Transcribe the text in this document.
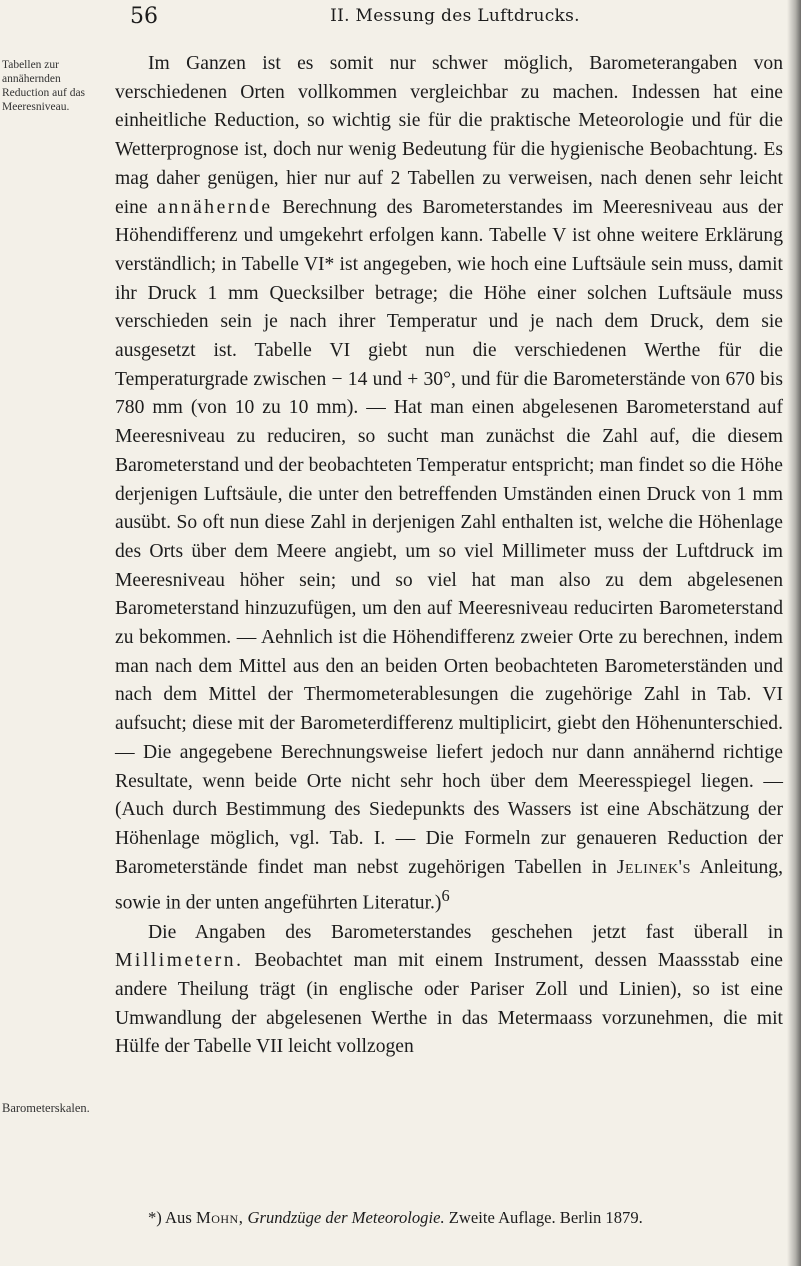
56	II. Messung des Luftdrucks.
Tabellen zur annähernden Reduction auf das Meeresniveau.
Barometerskalen.

Im Ganzen ist es somit nur schwer möglich, Barometerangaben von verschiedenen Orten vollkommen vergleichbar zu machen. Indessen hat eine einheitliche Reduction, so wichtig sie für die praktische Meteorologie und für die Wetterprognose ist, doch nur wenig Bedeutung für die hygienische Beobachtung. Es mag daher genügen, hier nur auf 2 Tabellen zu verweisen, nach denen sehr leicht eine annähernde Berechnung des Barometerstandes im Meeresniveau aus der Höhendifferenz und umgekehrt erfolgen kann. Tabelle V ist ohne weitere Erklärung verständlich; in Tabelle VI* ist angegeben, wie hoch eine Luftsäule sein muss, damit ihr Druck 1 mm Quecksilber betrage; die Höhe einer solchen Luftsäule muss verschieden sein je nach ihrer Temperatur und je nach dem Druck, dem sie ausgesetzt ist. Tabelle VI giebt nun die verschiedenen Werthe für die Temperaturgrade zwischen − 14 und + 30°, und für die Barometerstände von 670 bis 780 mm (von 10 zu 10 mm). — Hat man einen abgelesenen Barometerstand auf Meeresniveau zu reduciren, so sucht man zunächst die Zahl auf, die diesem Barometerstand und der beobachteten Temperatur entspricht; man findet so die Höhe derjenigen Luftsäule, die unter den betreffenden Umständen einen Druck von 1 mm ausübt. So oft nun diese Zahl in derjenigen Zahl enthalten ist, welche die Höhenlage des Orts über dem Meere angiebt, um so viel Millimeter muss der Luftdruck im Meeresniveau höher sein; und so viel hat man also zu dem abgelesenen Barometerstand hinzuzufügen, um den auf Meeresniveau reducirten Barometerstand zu bekommen. — Aehnlich ist die Höhendifferenz zweier Orte zu berechnen, indem man nach dem Mittel aus den an beiden Orten beobachteten Barometerständen und nach dem Mittel der Thermometerablesungen die zugehörige Zahl in Tab. VI aufsucht; diese mit der Barometerdifferenz multiplicirt, giebt den Höhenunterschied. — Die angegebene Berechnungsweise liefert jedoch nur dann annähernd richtige Resultate, wenn beide Orte nicht sehr hoch über dem Meeresspiegel liegen. — (Auch durch Bestimmung des Siedepunkts des Wassers ist eine Abschätzung der Höhenlage möglich, vgl. Tab. I. — Die Formeln zur genaueren Reduction der Barometerstände findet man nebst zugehörigen Tabellen in Jelinek's Anleitung, sowie in der unten angeführten Literatur.)$^6$

Die Angaben des Barometerstandes geschehen jetzt fast überall in Millimetern. Beobachtet man mit einem Instrument, dessen Maassstab eine andere Theilung trägt (in englische oder Pariser Zoll und Linien), so ist eine Umwandlung der abgelesenen Werthe in das Metermaass vorzunehmen, die mit Hülfe der Tabelle VII leicht vollzogen

*) Aus Mohn, Grundzüge der Meteorologie. Zweite Auflage. Berlin 1879.
